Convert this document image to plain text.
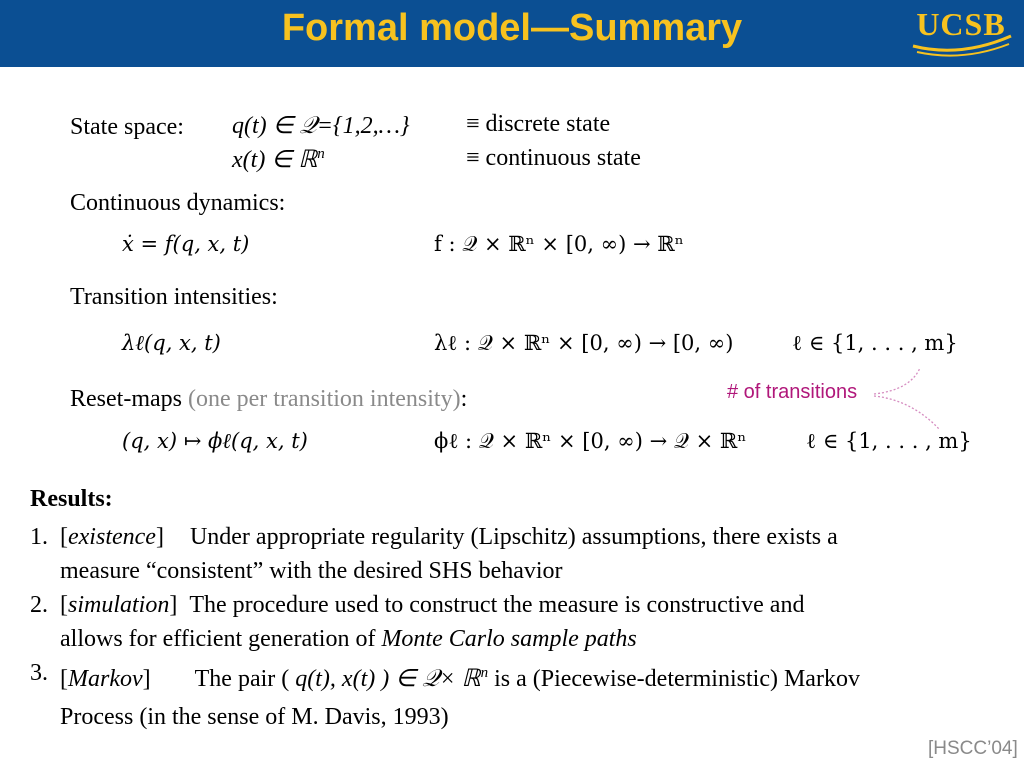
Formal model—Summary	UCSB
State space: q(t) ∈ 𝒬={1,2,…} ≡ discrete state
x(t) ∈ ℝ$^n$	≡ continuous state
Continuous dynamics:
ẋ = f(q, x, t)	f : 𝒬 × ℝⁿ × [0, ∞) → ℝⁿ
Transition intensities:
λℓ(q, x, t)	λℓ : 𝒬 × ℝⁿ × [0, ∞) → [0, ∞)	ℓ ∈ {1, . . . , m}
# of transitions
Reset-maps (one per transition intensity):
(q, x) ↦ ϕℓ(q, x, t)	ϕℓ : 𝒬 × ℝⁿ × [0, ∞) → 𝒬 × ℝⁿ	ℓ ∈ {1, . . . , m}
Results:
1. [existence] Under appropriate regularity (Lipschitz) assumptions, there exists a
measure “consistent” with the desired SHS behavior
2. [simulation] The procedure used to construct the measure is constructive and
allows for efficient generation of Monte Carlo sample paths
3. [Markov] The pair ( q(t), x(t) ) ∈ 𝒬× ℝ$^n$ is a (Piecewise-deterministic) Markov
Process (in the sense of M. Davis, 1993)
[HSCC’04]
